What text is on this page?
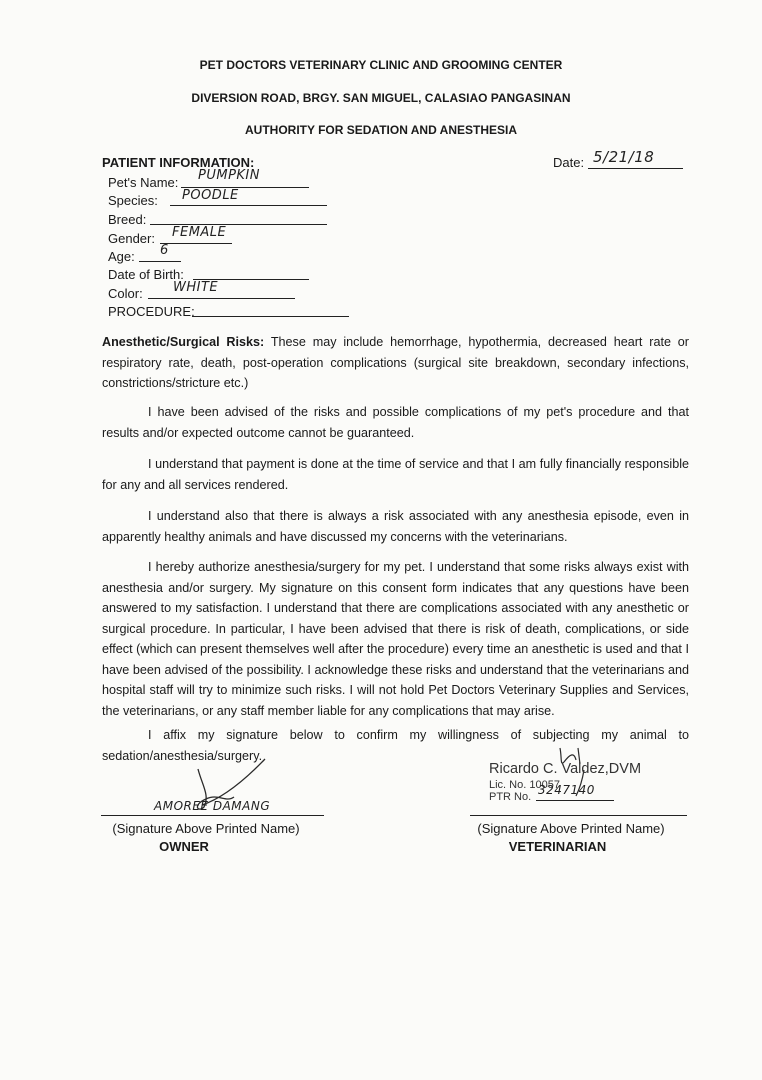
PET DOCTORS VETERINARY CLINIC AND GROOMING CENTER
DIVERSION ROAD, BRGY. SAN MIGUEL, CALASIAO PANGASINAN
AUTHORITY FOR SEDATION AND ANESTHESIA
PATIENT INFORMATION:	Date: 5/21/18
Pet's Name: PUMPKIN
Species: POODLE
Breed:
Gender: FEMALE
Age: 6
Date of Birth:
Color: WHITE
PROCEDURE:
Anesthetic/Surgical Risks: These may include hemorrhage, hypothermia, decreased heart rate or respiratory rate, death, post-operation complications (surgical site breakdown, secondary infections, constrictions/stricture etc.)
I have been advised of the risks and possible complications of my pet's procedure and that results and/or expected outcome cannot be guaranteed.
I understand that payment is done at the time of service and that I am fully financially responsible for any and all services rendered.
I understand also that there is always a risk associated with any anesthesia episode, even in apparently healthy animals and have discussed my concerns with the veterinarians.
I hereby authorize anesthesia/surgery for my pet. I understand that some risks always exist with anesthesia and/or surgery. My signature on this consent form indicates that any questions have been answered to my satisfaction. I understand that there are complications associated with any anesthetic or surgical procedure. In particular, I have been advised that there is risk of death, complications, or side effect (which can present themselves well after the procedure) every time an anesthetic is used and that I have been advised of the possibility. I acknowledge these risks and understand that the veterinarians and hospital staff will try to minimize such risks. I will not hold Pet Doctors Veterinary Supplies and Services, the veterinarians, or any staff member liable for any complications that may arise.
I affix my signature below to confirm my willingness of subjecting my animal to sedation/anesthesia/surgery.
AMOREE DAMANG
(Signature Above Printed Name)
OWNER
Ricardo C. Valdez,DVM
Lic. No. 10057
PTR No. 3247140
(Signature Above Printed Name)
VETERINARIAN
